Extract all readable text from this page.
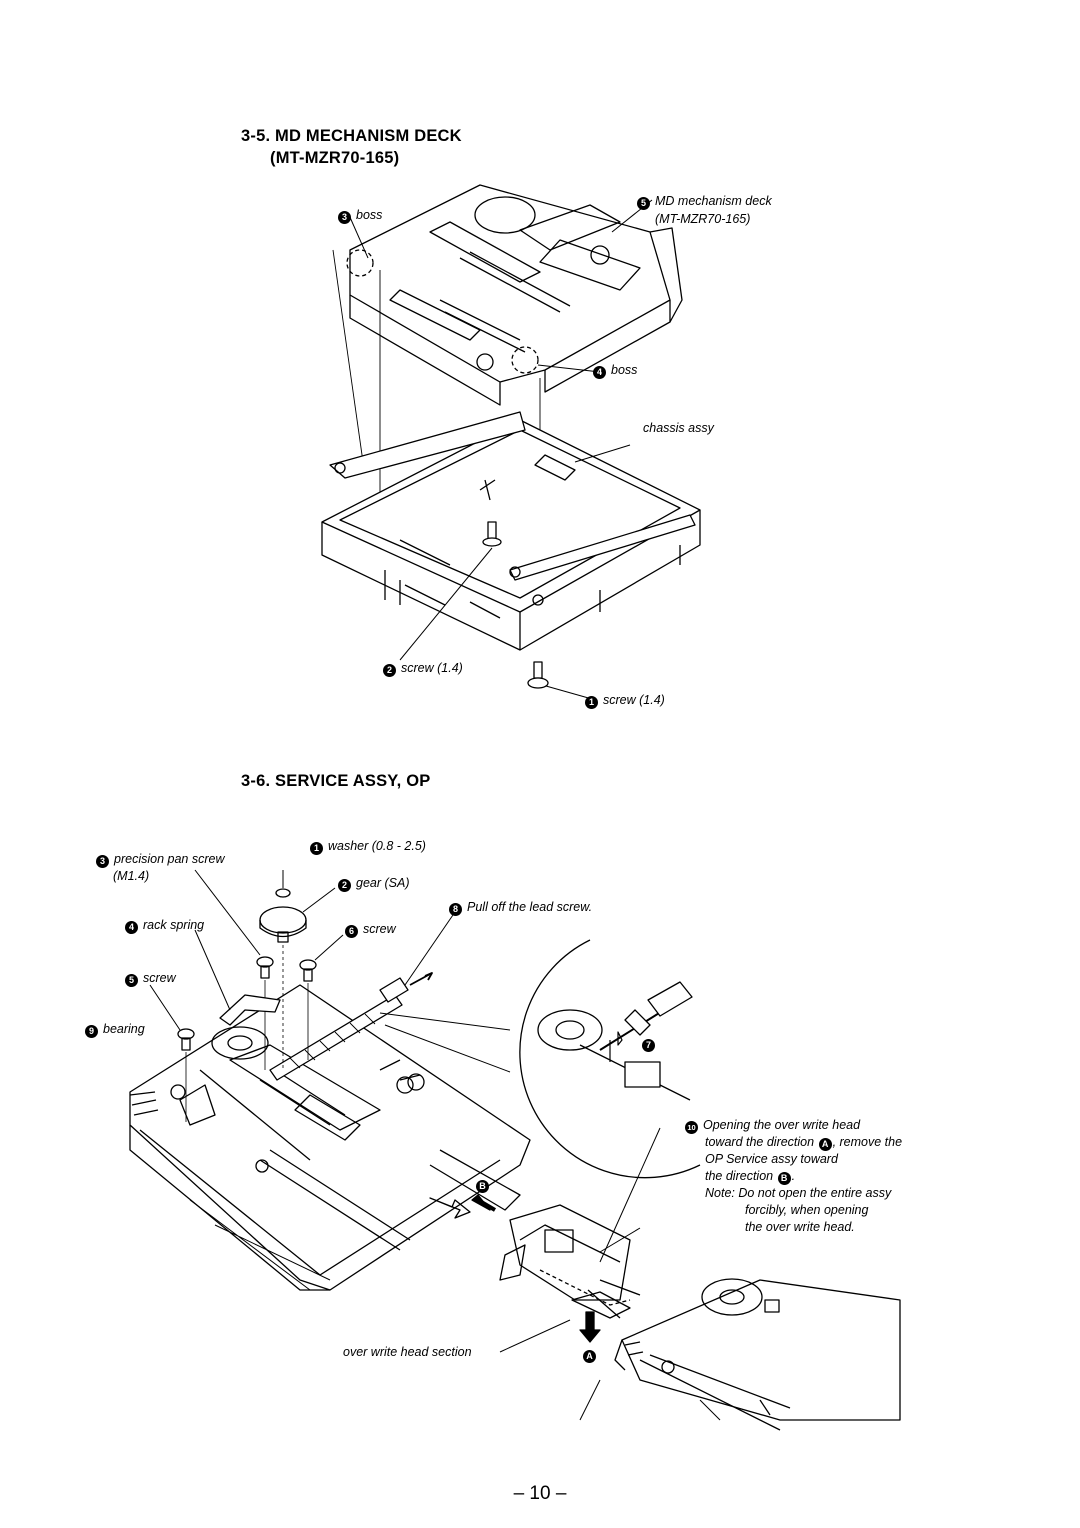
3-5. MD MECHANISM DECK
(MT-MZR70-165)
3 boss
5 MD mechanism deck
(MT-MZR70-165)
4 boss
chassis assy
2 screw (1.4)
1 screw (1.4)
3-6. SERVICE ASSY, OP
1 washer (0.8 - 2.5)
3 precision pan screw
(M1.4)
2 gear (SA)
8 Pull off the lead screw.
4 rack spring	6 screw
5 screw
9 bearing
7
10 Opening the over write head
toward the direction A , remove the
OP Service assy toward
the direction B .
Note: Do not open the entire assy
forcibly, when opening
the over write head.
B
A
over write head section
– 10 –
